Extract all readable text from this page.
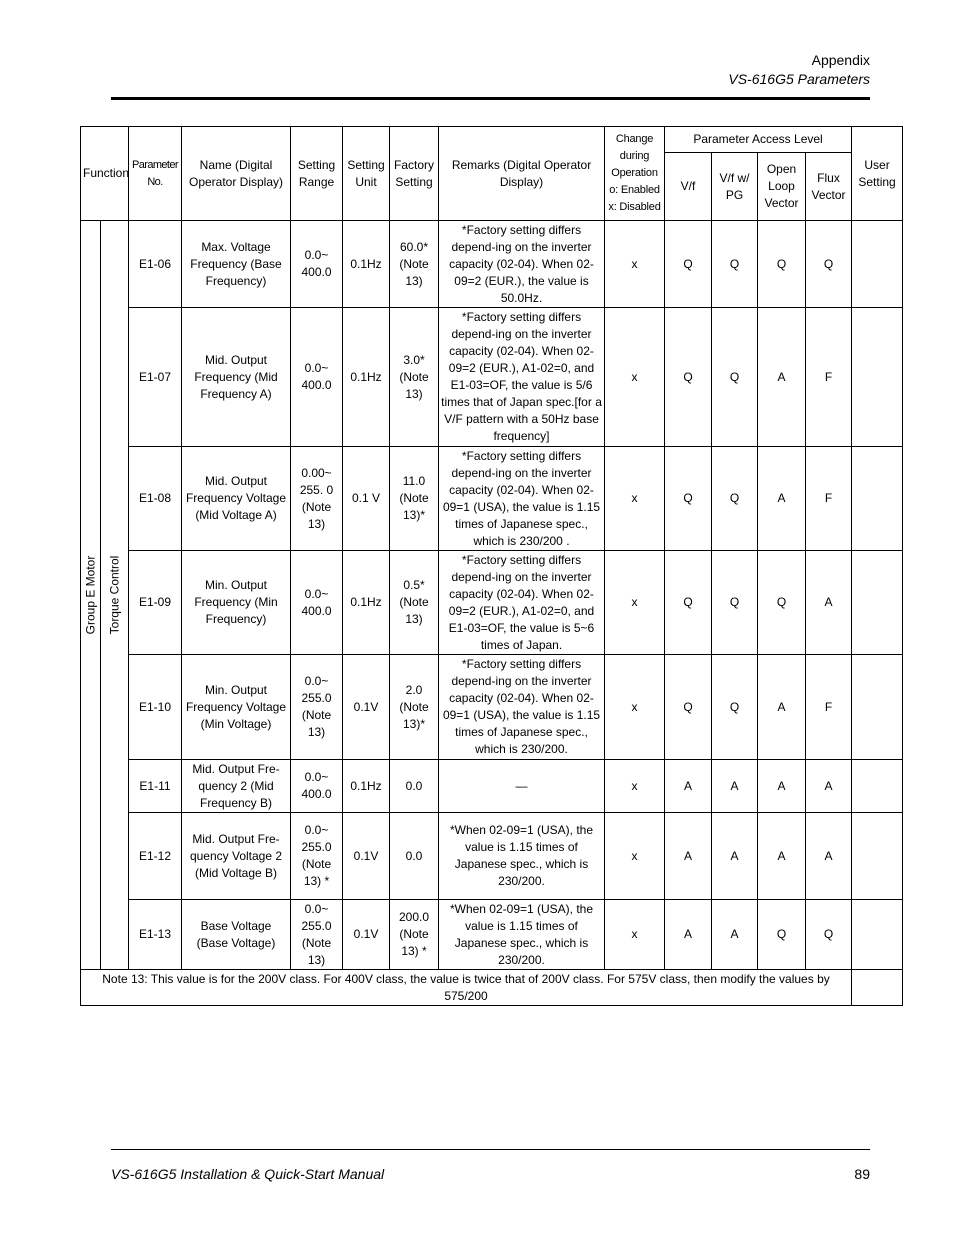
Appendix
VS-616G5 Parameters
Function		Parameter No.	Name (Digital Operator Display)	Setting Range	Setting Unit	Factory Setting	Remarks (Digital Operator Display)	Change during Operation o: Enabled x: Disabled	Parameter Access Level				User Setting
									V/f	V/f w/ PG	Open Loop Vector	Flux Vector	

Group E Motor	Torque Control	E1-06	Max. Voltage Frequency (Base Frequency)	0.0~ 400.0	0.1Hz	60.0* (Note 13)	*Factory setting differs depend-ing on the inverter capacity (02-04). When 02-09=2 (EUR.), the value is 50.0Hz.	x	Q	Q	Q	Q	
		E1-07	Mid. Output Frequency (Mid Frequency A)	0.0~ 400.0	0.1Hz	3.0* (Note 13)	*Factory setting differs depend-ing on the inverter capacity (02-04). When 02-09=2 (EUR.), A1-02=0, and E1-03=OF, the value is 5/6 times that of Japan spec.[for a V/F pattern with a 50Hz base frequency]	x	Q	Q	A	F	
		E1-08	Mid. Output Frequency Voltage (Mid Voltage A)	0.00~ 255. 0 (Note 13)	0.1 V	11.0 (Note 13)*	*Factory setting differs depend-ing on the inverter capacity (02-04). When 02-09=1 (USA), the value is 1.15 times of Japanese spec., which is 230/200 .	x	Q	Q	A	F	
		E1-09	Min. Output Frequency (Min Frequency)	0.0~ 400.0	0.1Hz	0.5* (Note 13)	*Factory setting differs depend-ing on the inverter capacity (02-04). When 02-09=2 (EUR.), A1-02=0, and E1-03=OF, the value is 5~6 times of Japan.	x	Q	Q	Q	A	
		E1-10	Min. Output Frequency Voltage (Min Voltage)	0.0~ 255.0 (Note 13)	0.1V	2.0 (Note 13)*	*Factory setting differs depend-ing on the inverter capacity (02-04). When 02-09=1 (USA), the value is 1.15 times of Japanese spec., which is 230/200.	x	Q	Q	A	F	
		E1-11	Mid. Output Fre-quency 2 (Mid Frequency B)	0.0~ 400.0	0.1Hz	0.0	—	x	A	A	A	A	
		E1-12	Mid. Output Fre-quency Voltage 2 (Mid Voltage B)	0.0~ 255.0 (Note 13) *	0.1V	0.0	*When 02-09=1 (USA), the value is 1.15 times of Japanese spec., which is 230/200.	x	A	A	A	A	
		E1-13	Base Voltage (Base Voltage)	0.0~ 255.0 (Note 13)	0.1V	200.0 (Note 13) *	*When 02-09=1 (USA), the value is 1.15 times of Japanese spec., which is 230/200.	x	A	A	Q	Q	
Note 13: This value is for the 200V class. For 400V class, the value is twice that of 200V class. For 575V class, then modify the values by 575/200													
VS-616G5 Installation & Quick-Start Manual	89
